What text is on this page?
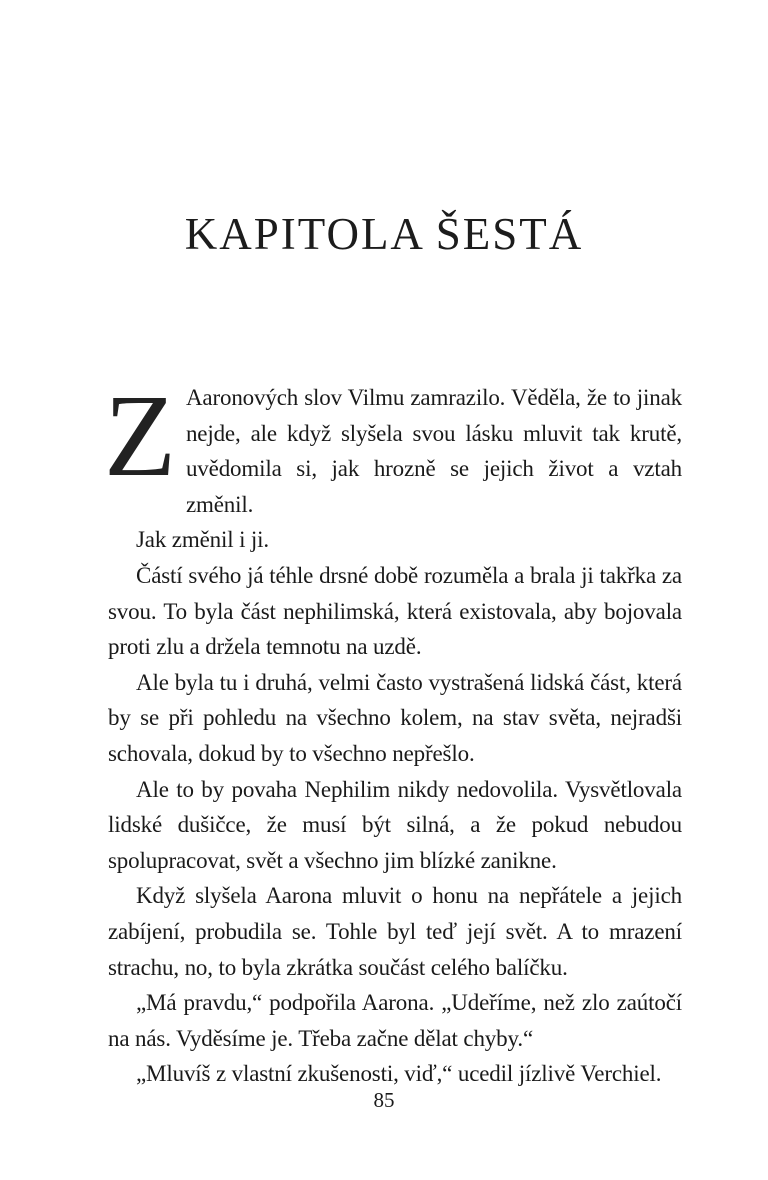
KAPITOLA ŠESTÁ

Z Aaronových slov Vilmu zamrazilo. Věděla, že to jinak nejde, ale když slyšela svou lásku mluvit tak krutě, uvědomila si, jak hrozně se jejich život a vztah změnil.

Jak změnil i ji.

Částí svého já téhle drsné době rozuměla a brala ji takřka za svou. To byla část nephilimská, která existovala, aby bojovala proti zlu a držela temnotu na uzdě.

Ale byla tu i druhá, velmi často vystrašená lidská část, která by se při pohledu na všechno kolem, na stav světa, nejradši schovala, dokud by to všechno nepřešlo.

Ale to by povaha Nephilim nikdy nedovolila. Vysvětlovala lidské dušičce, že musí být silná, a že pokud nebudou spolupracovat, svět a všechno jim blízké zanikne.

Když slyšela Aarona mluvit o honu na nepřátele a jejich zabíjení, probudila se. Tohle byl teď její svět. A to mrazení strachu, no, to byla zkrátka součást celého balíčku.

„Má pravdu,“ podpořila Aarona. „Udeříme, než zlo zaútočí na nás. Vyděsíme je. Třeba začne dělat chyby.“

„Mluvíš z vlastní zkušenosti, viď,“ ucedil jízlivě Verchiel.

85
